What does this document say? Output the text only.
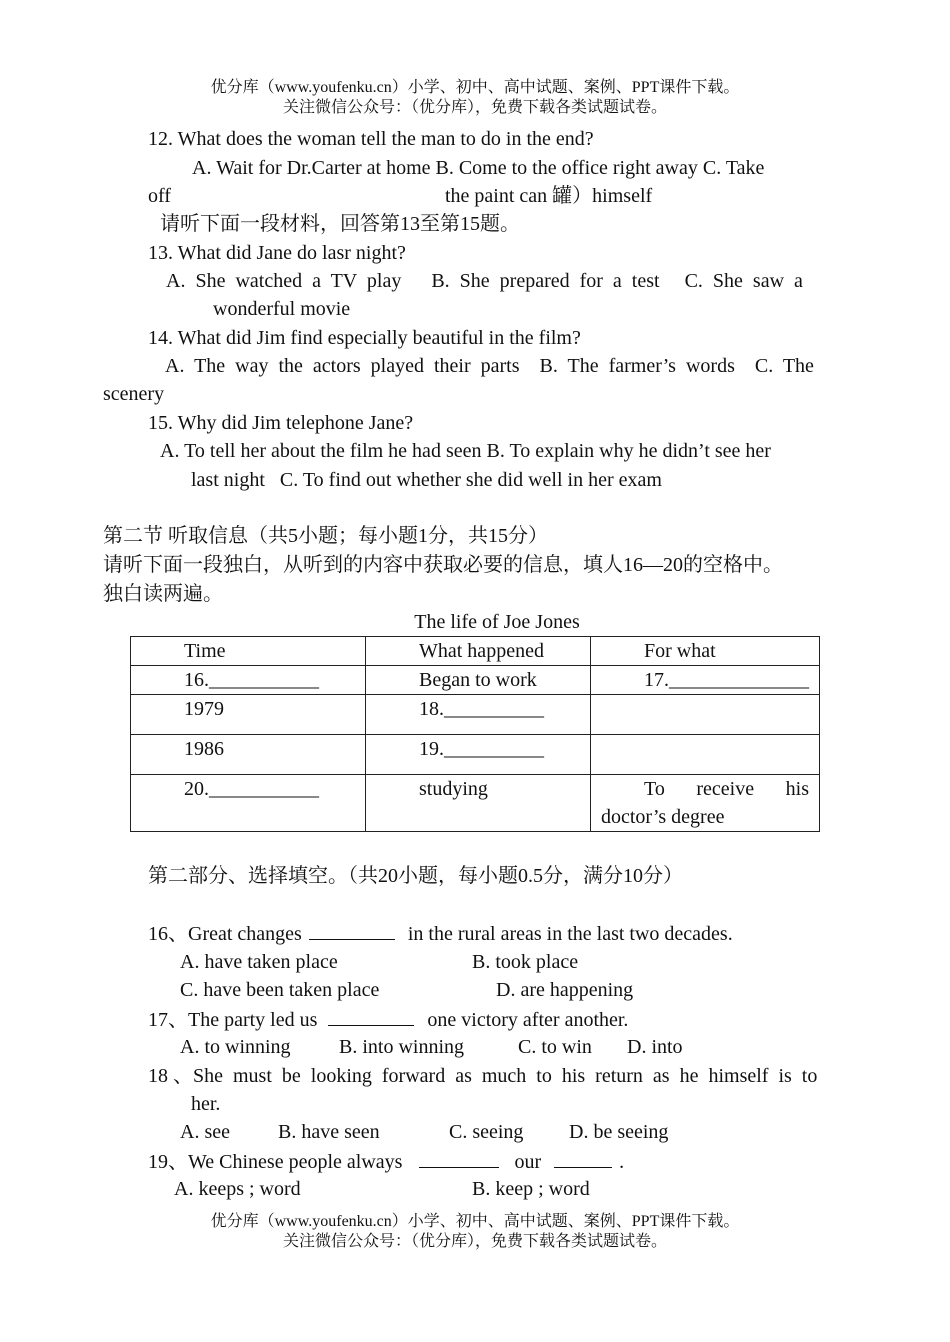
优分库（www.youfenku.cn）小学、初中、高中试题、案例、PPT课件下载。
关注微信公众号：（优分库），免费下载各类试题试卷。
12. What does the woman tell the man to do in the end?
A. Wait for Dr.Carter at home B. Come to the office right away C. Take
off	the paint can 罐）himself
请听下面一段材料，回答第13至第15题。
13. What did Jane do lasr night?
A.  She  watched  a  TV  play      B.  She  prepared  for  a  test     C.  She  saw  a
wonderful movie
14. What did Jim find especially beautiful in the film?
A.  The  way  the  actors  played  their  parts    B.  The  farmer’s  words    C.  The
scenery
15. Why did Jim telephone Jane?
A. To tell her about the film he had seen B. To explain why he didn’t see her
last night   C. To find out whether she did well in her exam
第二节 听取信息（共5小题；每小题1分，共15分）
请听下面一段独白，从听到的内容中获取必要的信息，填人16—20的空格中。
独白读两遍。
The life of Joe Jones
Time	What happened	For what
16.___________	Began to work	17.______________
1979	18.__________	
1986	19.__________	
20.___________	studying	To receive his doctor’s degree
第二部分、选择填空。（共20小题，每小题0.5分，满分10分）
16、Great changes	in the rural areas in the last two decades.
A. have taken place	B. took place
C. have been taken place	D. are happening
17、The party led us	one victory after another.
A. to winning B. into winning	C. to win D. into
18 、She  must  be  looking  forward  as  much  to  his  return  as  he  himself  is  to
her.
A. see B. have seen	C. seeing D. be seeing
19、We Chinese people always	our	.
A. keeps ; word	B. keep ; word
优分库（www.youfenku.cn）小学、初中、高中试题、案例、PPT课件下载。
关注微信公众号：（优分库），免费下载各类试题试卷。
